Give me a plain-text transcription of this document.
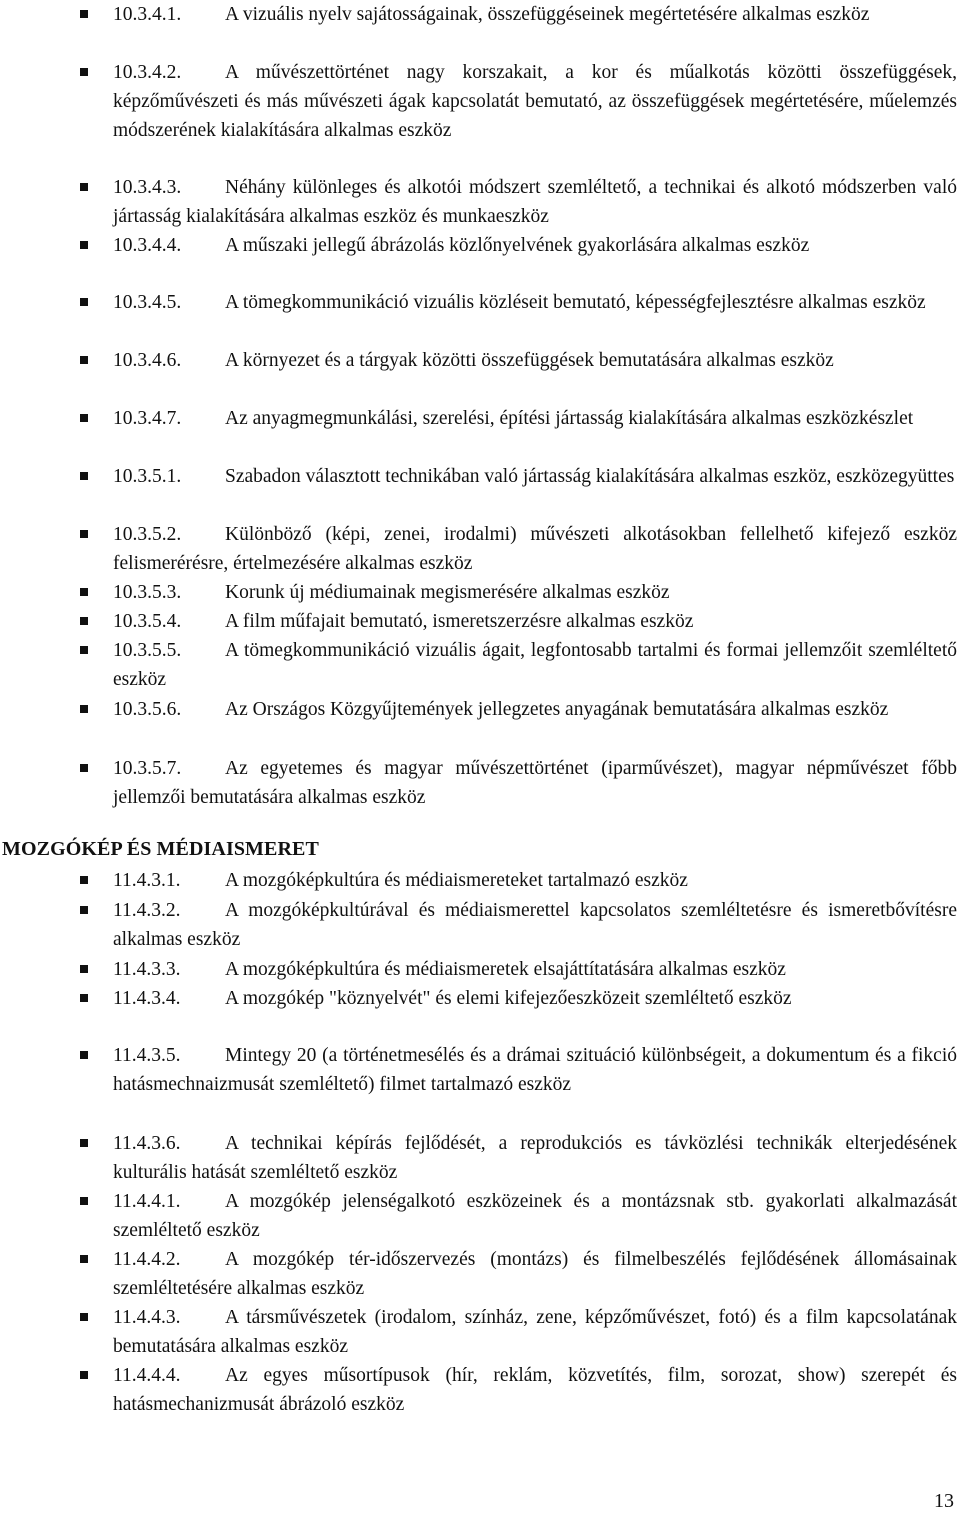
10.3.4.1. A vizuális nyelv sajátosságainak, összefüggéseinek megértetésére alkalmas eszköz
10.3.4.2. A művészettörténet nagy korszakait, a kor és műalkotás közötti összefüggések, képzőművészeti és más művészeti ágak kapcsolatát bemutató, az összefüggések megértetésére, műelemzés módszerének kialakítására alkalmas eszköz
10.3.4.3. Néhány különleges és alkotói módszert szemléltető, a technikai és alkotó módszerben való jártasság kialakítására alkalmas eszköz és munkaeszköz
10.3.4.4. A műszaki jellegű ábrázolás közlőnyelvének gyakorlására alkalmas eszköz
10.3.4.5. A tömegkommunikáció vizuális közléseit bemutató, képességfejlesztésre alkalmas eszköz
10.3.4.6. A környezet és a tárgyak közötti összefüggések bemutatására alkalmas eszköz
10.3.4.7. Az anyagmegmunkálási, szerelési, építési jártasság kialakítására alkalmas eszközkészlet
10.3.5.1. Szabadon választott technikában való jártasság kialakítására alkalmas eszköz, eszközegyüttes
10.3.5.2. Különböző (képi, zenei, irodalmi) művészeti alkotásokban fellelhető kifejező eszköz felismerérésre, értelmezésére alkalmas eszköz
10.3.5.3. Korunk új médiumainak megismerésére alkalmas eszköz
10.3.5.4. A film műfajait bemutató, ismeretszerzésre alkalmas eszköz
10.3.5.5. A tömegkommunikáció vizuális ágait, legfontosabb tartalmi és formai jellemzőit szemléltető eszköz
10.3.5.6. Az Országos Közgyűjtemények jellegzetes anyagának bemutatására alkalmas eszköz
10.3.5.7. Az egyetemes és magyar művészettörténet (iparművészet), magyar népművészet főbb jellemzői bemutatására alkalmas eszköz
MOZGÓKÉP ÉS MÉDIAISMERET
11.4.3.1. A mozgóképkultúra és médiaismereteket tartalmazó eszköz
11.4.3.2. A mozgóképkultúrával és médiaismerettel kapcsolatos szemléltetésre és ismeretbővítésre alkalmas eszköz
11.4.3.3. A mozgóképkultúra és médiaismeretek elsajáttítatására alkalmas eszköz
11.4.3.4. A mozgókép "köznyelvét" és elemi kifejezőeszközeit szemléltető eszköz
11.4.3.5. Mintegy 20 (a történetmesélés és a drámai szituáció különbségeit, a dokumentum és a fikció hatásmechnaizmusát szemléltető) filmet tartalmazó eszköz
11.4.3.6. A technikai képírás fejlődését, a reprodukciós es távközlési technikák elterjedésének kulturális hatását szemléltető eszköz
11.4.4.1. A mozgókép jelenségalkotó eszközeinek és a montázsnak stb. gyakorlati alkalmazását szemléltető eszköz
11.4.4.2. A mozgókép tér-időszervezés (montázs) és filmelbeszélés fejlődésének állomásainak szemléltetésére alkalmas eszköz
11.4.4.3. A társművészetek (irodalom, színház, zene, képzőművészet, fotó) és a film kapcsolatának bemutatására alkalmas eszköz
11.4.4.4. Az egyes műsortípusok (hír, reklám, közvetítés, film, sorozat, show) szerepét és hatásmechanizmusát ábrázoló eszköz
13
